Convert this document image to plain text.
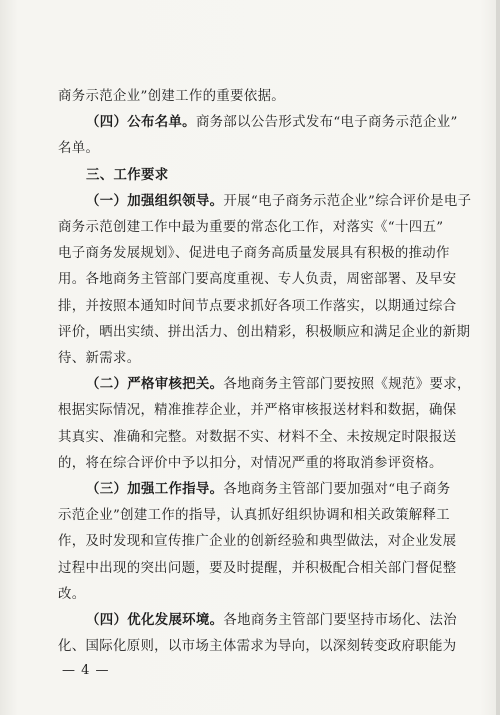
商务示范企业”创建工作的重要依据。
（四）公布名单。商务部以公告形式发布“电子商务示范企业”
名单。
三、工作要求
（一）加强组织领导。开展“电子商务示范企业”综合评价是电子
商务示范创建工作中最为重要的常态化工作，对落实《“十四五”
电子商务发展规划》、促进电子商务高质量发展具有积极的推动作
用。各地商务主管部门要高度重视、专人负责，周密部署、及早安
排，并按照本通知时间节点要求抓好各项工作落实，以期通过综合
评价，晒出实绩、拼出活力、创出精彩，积极顺应和满足企业的新期
待、新需求。
（二）严格审核把关。各地商务主管部门要按照《规范》要求，
根据实际情况，精准推荐企业，并严格审核报送材料和数据，确保
其真实、准确和完整。对数据不实、材料不全、未按规定时限报送
的，将在综合评价中予以扣分，对情况严重的将取消参评资格。
（三）加强工作指导。各地商务主管部门要加强对“电子商务
示范企业”创建工作的指导，认真抓好组织协调和相关政策解释工
作，及时发现和宣传推广企业的创新经验和典型做法，对企业发展
过程中出现的突出问题，要及时提醒，并积极配合相关部门督促整
改。
（四）优化发展环境。各地商务主管部门要坚持市场化、法治
化、国际化原则，以市场主体需求为导向，以深刻转变政府职能为
— 4 —
